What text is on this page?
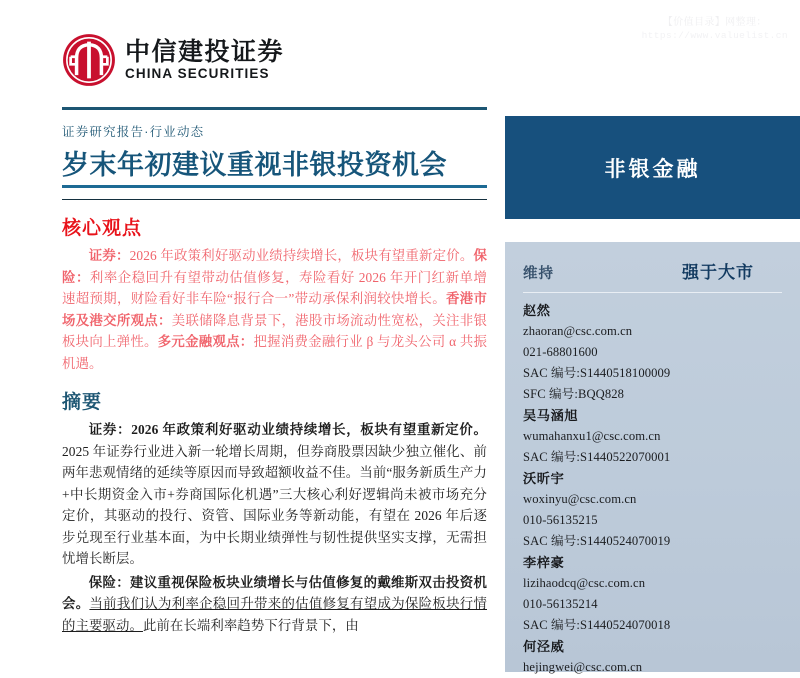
【价值目录】网整理：
https://www.valuelist.cn
中信建投证券
CHINA SECURITIES
证券研究报告·行业动态
岁末年初建议重视非银投资机会
核心观点

证券：2026 年政策利好驱动业绩持续增长，板块有望重新定价。保险：利率企稳回升有望带动估值修复，寿险看好 2026 年开门红新单增速超预期，财险看好非车险“报行合一”带动承保利润较快增长。香港市场及港交所观点：美联储降息背景下，港股市场流动性宽松，关注非银板块向上弹性。多元金融观点：把握消费金融行业 β 与龙头公司 α 共振机遇。

摘要

证券：2026 年政策利好驱动业绩持续增长，板块有望重新定价。2025 年证券行业进入新一轮增长周期，但券商股票因缺少独立催化、前两年悲观情绪的延续等原因而导致超额收益不佳。当前“服务新质生产力+中长期资金入市+券商国际化机遇”三大核心利好逻辑尚未被市场充分定价，其驱动的投行、资管、国际业务等新动能，有望在 2026 年后逐步兑现至行业基本面，为中长期业绩弹性与韧性提供坚实支撑，无需担忧增长断层。

保险：建议重视保险板块业绩增长与估值修复的戴维斯双击投资机会。当前我们认为利率企稳回升带来的估值修复有望成为保险板块行情的主要驱动。此前在长端利率趋势下行背景下，由

非银金融
维持	强于大市
赵然
zhaoran@csc.com.cn
021-68801600
SAC 编号:S1440518100009
SFC 编号:BQQ828
吴马涵旭
wumahanxu1@csc.com.cn
SAC 编号:S1440522070001
沃昕宇
woxinyu@csc.com.cn
010-56135215
SAC 编号:S1440524070019
李梓豪
lizihaodcq@csc.com.cn
010-56135214
SAC 编号:S1440524070018
何泾威
hejingwei@csc.com.cn
